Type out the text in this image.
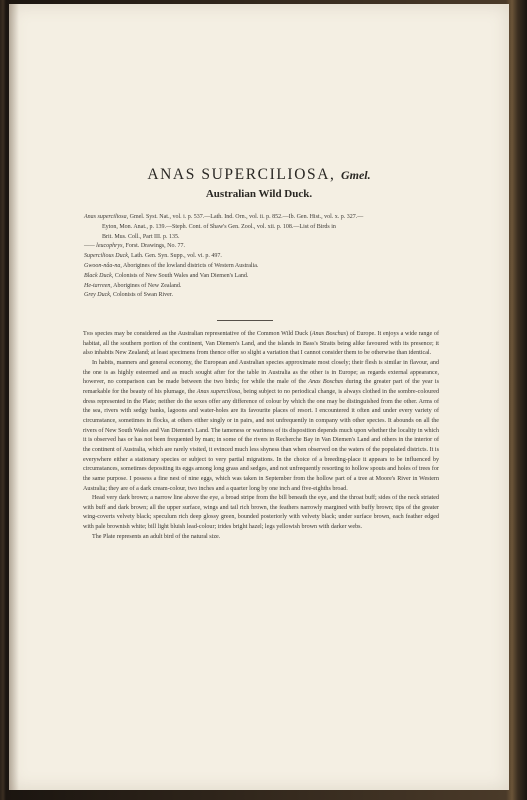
ANAS SUPERCILIOSA, Gmel.
Australian Wild Duck.
Anas superciliosa, Gmel. Syst. Nat., vol. i. p. 537.—Lath. Ind. Orn., vol. ii. p. 852.—Ib. Gen. Hist., vol. x. p. 327.—
Eyton, Mon. Anat., p. 139.—Steph. Cont. of Shaw's Gen. Zool., vol. xii. p. 108.—List of Birds in
Brit. Mus. Coll., Part III. p. 135.
—— leucophrys, Forst. Drawings, No. 77.
Supercilious Duck, Lath. Gen. Syn. Supp., vol. vi. p. 497.
Gwoon-nâa-na, Aborigines of the lowland districts of Western Australia.
Black Duck, Colonists of New South Wales and Van Diemen's Land.
He-tarreen, Aborigines of New Zealand.
Grey Duck, Colonists of Swan River.

This species may be considered as the Australian representative of the Common Wild Duck (Anas Boschas) of Europe. It enjoys a wide range of habitat, all the southern portion of the continent, Van Diemen's Land, and the islands in Bass's Straits being alike favoured with its presence; it also inhabits New Zealand; at least specimens from thence offer so slight a variation that I cannot consider them to be otherwise than identical.

In habits, manners and general economy, the European and Australian species approximate most closely; their flesh is similar in flavour, and the one is as highly esteemed and as much sought after for the table in Australia as the other is in Europe; as regards external appearance, however, no comparison can be made between the two birds; for while the male of the Anas Boschas during the greater part of the year is remarkable for the beauty of his plumage, the Anas superciliosa, being subject to no periodical change, is always clothed in the sombre-coloured dress represented in the Plate; neither do the sexes offer any difference of colour by which the one may be distinguished from the other. Arms of the sea, rivers with sedgy banks, lagoons and water-holes are its favourite places of resort. I encountered it often and under every variety of circumstance, sometimes in flocks, at others either singly or in pairs, and not unfrequently in company with other species. It abounds on all the rivers of New South Wales and Van Diemen's Land. The tameness or wariness of its disposition depends much upon whether the locality in which it is observed has or has not been frequented by man; in some of the rivers in Recherche Bay in Van Diemen's Land and others in the interior of the continent of Australia, which are rarely visited, it evinced much less shyness than when observed on the waters of the populated districts. It is everywhere either a stationary species or subject to very partial migrations. In the choice of a breeding-place it appears to be influenced by circumstances, sometimes depositing its eggs among long grass and sedges, and not unfrequently resorting to hollow spouts and holes of trees for the same purpose. I possess a fine nest of nine eggs, which was taken in September from the hollow part of a tree at Moore's River in Western Australia; they are of a dark cream-colour, two inches and a quarter long by one inch and five-eighths broad.

Head very dark brown; a narrow line above the eye, a broad stripe from the bill beneath the eye, and the throat buff; sides of the neck striated with buff and dark brown; all the upper surface, wings and tail rich brown, the feathers narrowly margined with buffy brown; tips of the greater wing-coverts velvety black; speculum rich deep glossy green, bounded posteriorly with velvety black; under surface brown, each feather edged with pale brownish white; bill light bluish lead-colour; irides bright hazel; legs yellowish brown with darker webs.

The Plate represents an adult bird of the natural size.
